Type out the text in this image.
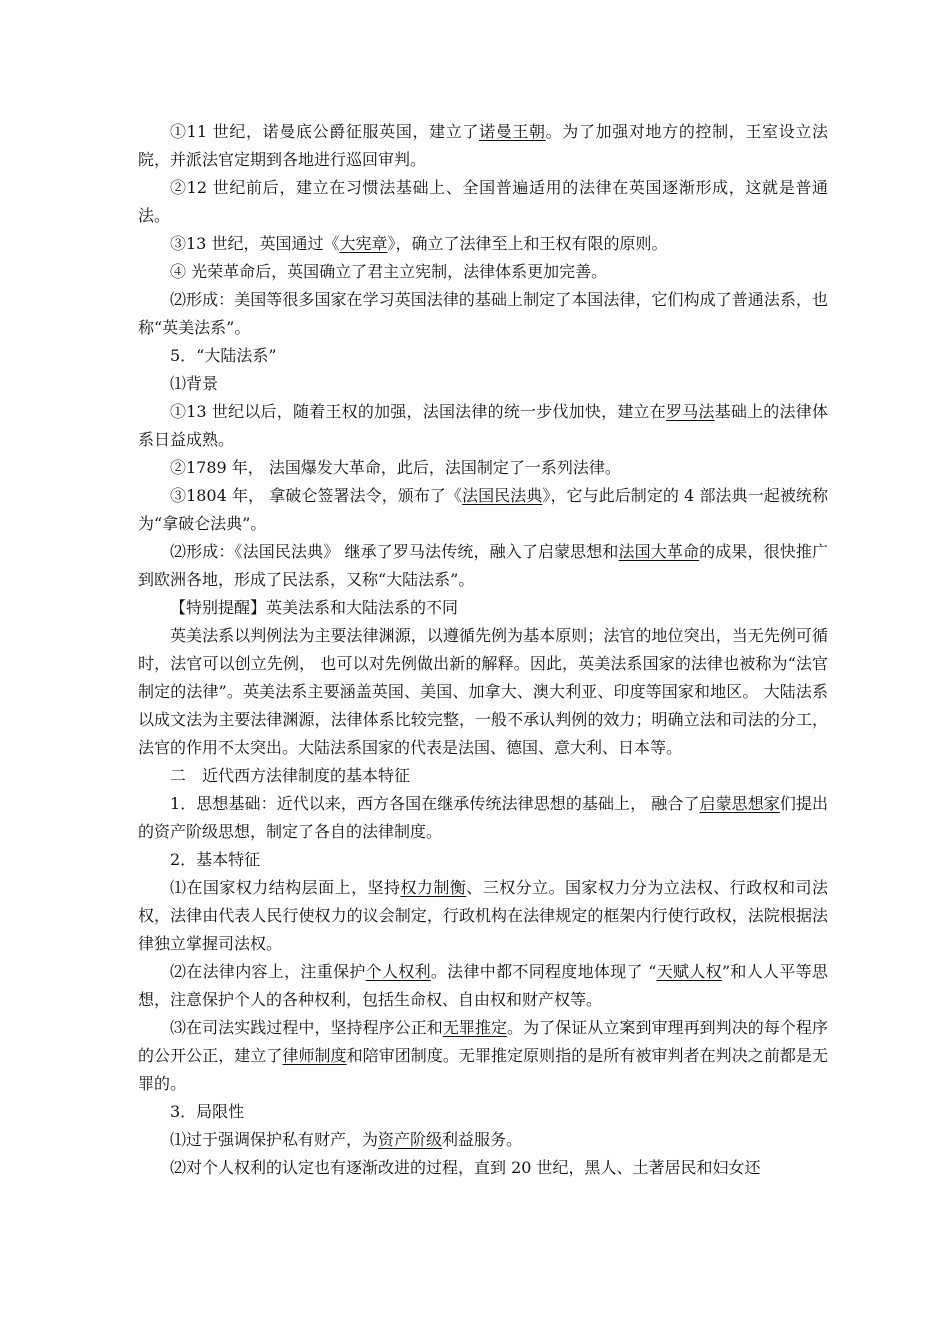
①11 世纪，诺曼底公爵征服英国，建立了诺曼王朝。为了加强对地方的控制，王室设立法院，并派法官定期到各地进行巡回审判。

②12 世纪前后，建立在习惯法基础上、全国普遍适用的法律在英国逐渐形成，这就是普通法。

③13 世纪，英国通过《大宪章》，确立了法律至上和王权有限的原则。

④ 光荣革命后，英国确立了君主立宪制，法律体系更加完善。

⑵形成：美国等很多国家在学习英国法律的基础上制定了本国法律，它们构成了普通法系，也称“英美法系”。

5．“大陆法系”

⑴背景

①13 世纪以后，随着王权的加强，法国法律的统一步伐加快，建立在罗马法基础上的法律体系日益成熟。

②1789 年， 法国爆发大革命，此后，法国制定了一系列法律。

③1804 年， 拿破仑签署法令，颁布了《法国民法典》，它与此后制定的 4 部法典一起被统称为“拿破仑法典”。

⑵形成：《法国民法典》 继承了罗马法传统，融入了启蒙思想和法国大革命的成果，很快推广到欧洲各地，形成了民法系，又称“大陆法系”。

【特别提醒】英美法系和大陆法系的不同

英美法系以判例法为主要法律渊源，以遵循先例为基本原则；法官的地位突出，当无先例可循时，法官可以创立先例， 也可以对先例做出新的解释。因此，英美法系国家的法律也被称为“法官制定的法律”。英美法系主要涵盖英国、美国、加拿大、澳大利亚、印度等国家和地区。 大陆法系以成文法为主要法律渊源，法律体系比较完整，一般不承认判例的效力；明确立法和司法的分工，法官的作用不太突出。大陆法系国家的代表是法国、德国、意大利、日本等。

二　近代西方法律制度的基本特征

1．思想基础：近代以来，西方各国在继承传统法律思想的基础上， 融合了启蒙思想家们提出的资产阶级思想，制定了各自的法律制度。

2．基本特征

⑴在国家权力结构层面上，坚持权力制衡、三权分立。国家权力分为立法权、行政权和司法权，法律由代表人民行使权力的议会制定，行政机构在法律规定的框架内行使行政权，法院根据法律独立掌握司法权。

⑵在法律内容上，注重保护个人权利。法律中都不同程度地体现了 “天赋人权”和人人平等思想，注意保护个人的各种权利，包括生命权、自由权和财产权等。

⑶在司法实践过程中，坚持程序公正和无罪推定。为了保证从立案到审理再到判决的每个程序的公开公正，建立了律师制度和陪审团制度。无罪推定原则指的是所有被审判者在判决之前都是无罪的。

3．局限性

⑴过于强调保护私有财产，为资产阶级利益服务。

⑵对个人权利的认定也有逐渐改进的过程，直到 20 世纪，黑人、土著居民和妇女还
